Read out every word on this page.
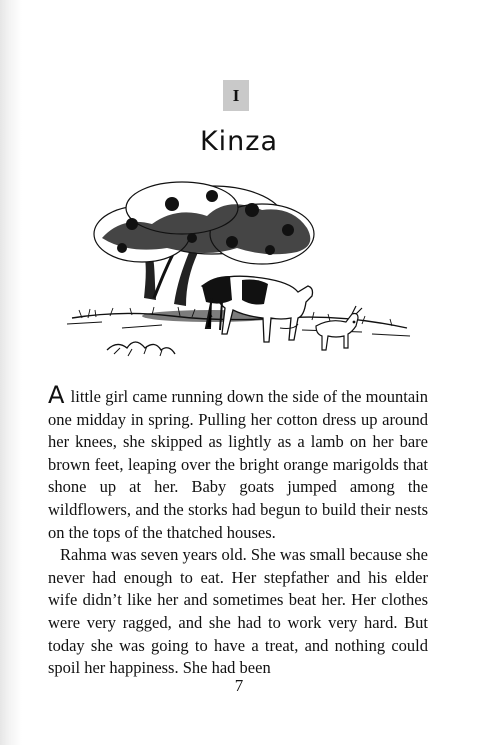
I
Kinza

A little girl came running down the side of the mountain one midday in spring. Pulling her cotton dress up around her knees, she skipped as lightly as a lamb on her bare brown feet, leaping over the bright orange marigolds that shone up at her. Baby goats jumped among the wildflowers, and the storks had begun to build their nests on the tops of the thatched houses.

Rahma was seven years old. She was small because she never had enough to eat. Her stepfather and his elder wife didn’t like her and sometimes beat her. Her clothes were very ragged, and she had to work very hard. But today she was going to have a treat, and nothing could spoil her happiness. She had been

7
